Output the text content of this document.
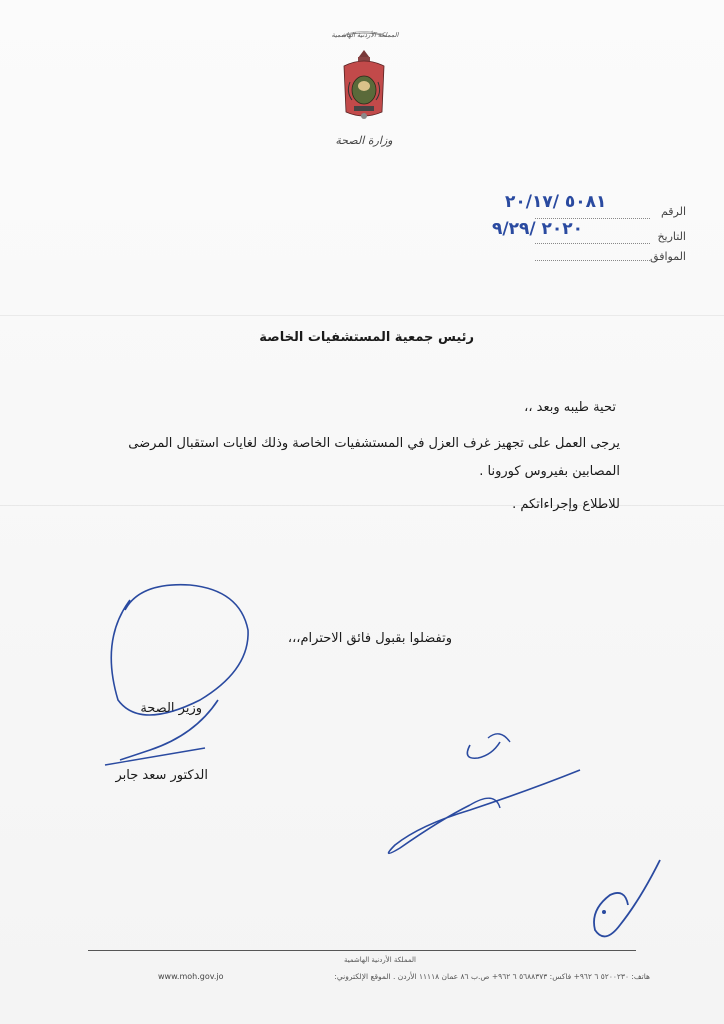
المملكة الأردنية الهاشمية
وزارة الصحة
الرقم
٥٠٨١ /٢٠/١٧
التاريخ
٢٠٢٠ /٩/٢٩
الموافق
رئيس جمعية المستشفيات الخاصة
تحية طيبه وبعد ،،
يرجى العمل على تجهيز غرف العزل في المستشفيات الخاصة وذلك لغايات استقبال المرضى
المصابين بفيروس كورونا .
للاطلاع وإجراءاتكم .
وتفضلوا بقبول فائق الاحترام،،،
وزير الصحة
الدكتور سعد جابر
المملكة الأردنية الهاشمية
هاتف: ٥٢٠٠٢٣٠ ٦ ٩٦٢+ فاكس: ٥٦٨٨٣٧٣ ٦ ٩٦٢+ ص.ب ٨٦ عمان ١١١١٨ الأردن . الموقع الإلكتروني:
www.moh.gov.jo
